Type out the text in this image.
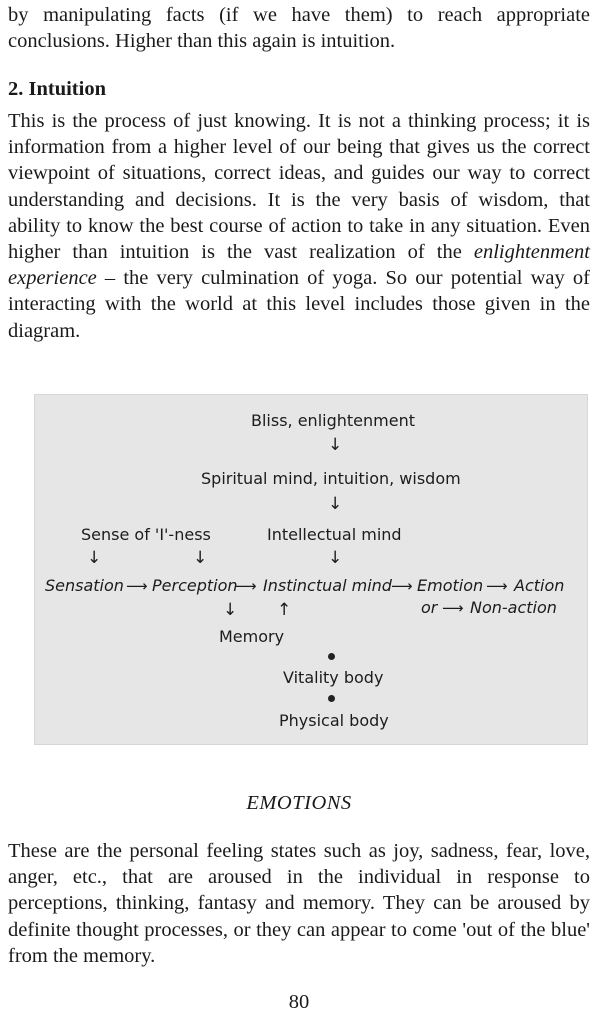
by manipulating facts (if we have them) to reach appropriate conclusions. Higher than this again is intuition.

2. Intuition

This is the process of just knowing. It is not a thinking process; it is information from a higher level of our being that gives us the correct viewpoint of situations, correct ideas, and guides our way to correct understanding and decisions. It is the very basis of wisdom, that ability to know the best course of action to take in any situation. Even higher than intuition is the vast realization of the enlightenment experience – the very culmination of yoga. So our potential way of interacting with the world at this level includes those given in the diagram.

Bliss, enlightenment
↓
Spiritual mind, intuition, wisdom
↓
Sense of 'I'-ness	Intellectual mind
↓	↓	↓
Sensation ⟶ Perception
⟶ Instinctual mind ⟶ Emotion ⟶ Action
or ⟶ Non-action
↓ ↑
Memory
Vitality body
Physical body

EMOTIONS

These are the personal feeling states such as joy, sadness, fear, love, anger, etc., that are aroused in the individual in response to perceptions, thinking, fantasy and memory. They can be aroused by definite thought processes, or they can appear to come 'out of the blue' from the memory.

80
